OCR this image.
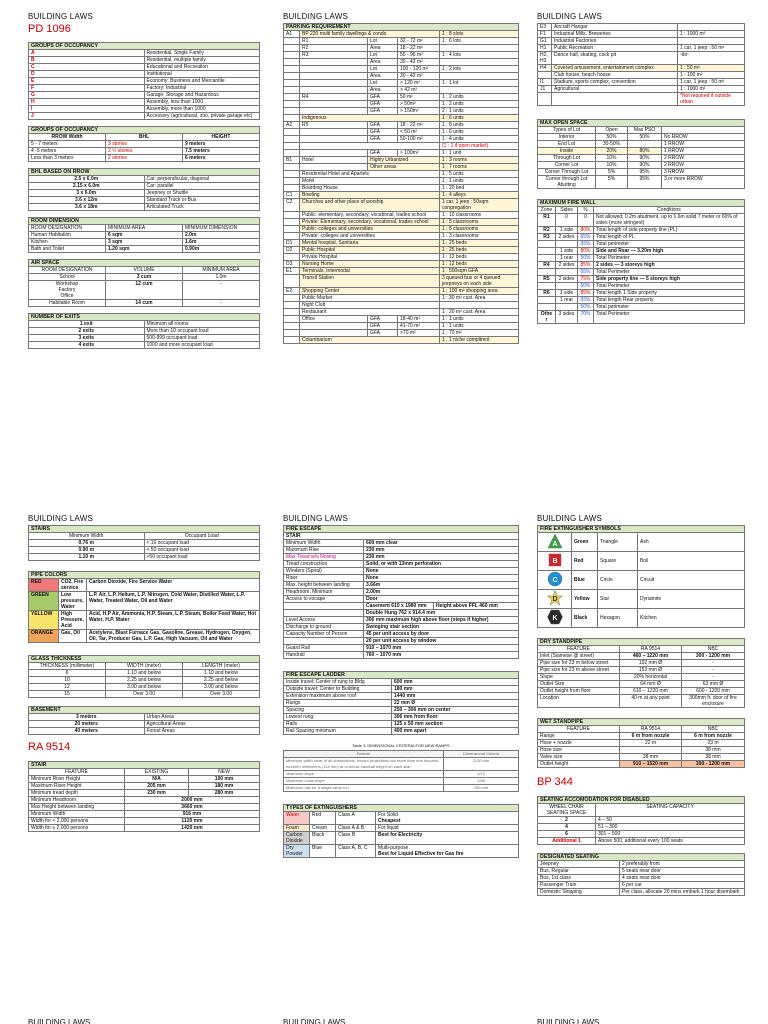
BUILDING LAWS
PD 1096
GROUPS OF OCCUPANCY	
A	Residential, Single Family
B	Residential, multiple family
C	Educational and Recreation
D	Institutional
E	Economy: Business and Mercantile
F	Factory: Industrial
G	Garage: Storage and Hazardous
H	Assembly, less than 1000
I	Assembly, more than 1000
J	Accessory (agricultural, zoo, private garage etc)
GROUPS OF OCCUPANCY		
RROW Width	BHL	HEIGHT
5 - 7 meters	3 stories	9 meters
4 -5 meters	2 ½ stories	7.5 meters
Less than 3 meters	2 stories	6 meters
BHL BASED ON RROW	
2.5 x 6.0m	Car: perpendicular, diagonal
2.15 x 6.0m	Car: parallel
3 x 6.0m	Jeepney or Shuttle
3.6 x 12m	Standard Truck or Bus
3.6 x 18m	Articulated Truck
ROOM DIMENSION		
ROOM DESIGNATION	MINIMUM AREA	MINIMUM DIMENSION
Human Habitation	6 sqm	2.0m
Kitchen	3 sqm	1.6m
Bath and Toilet	1.20 sqm	0.90m
AIR SPACE		
ROOM DESIGNATION	VOLUME	MINIMUM AREA
School	3 cum	1.0m
Workshop
Factory
Office	12 cum	-
Habitable Room	14 cum	-
NUMBER OF EXITS	
1 exit	Minimum all rooms
2 exits	More than 10 occupant load
3 exits	500-999 occupant load
4 exits	1000 and more occupant load
BUILDING LAWS
PARKING REQUIREMENT				
A1	BP 220 multi family dwellings & condo			1 : 8 slots
	R1	Lot	32 - 72 m²	1 : 6 lots
	R2	Area	18 - 22 m²	
	R3	Lot	50 - 96 m²	1 : 4 lots
		Area	30 - 42 m²	
		Lot	100 - 120 m²	1 : 2 lots
		Area	30 - 42 m²	
		Lot	> 120 m²	1 : 1 lot
		Area	> 42 m²	
	R4	GFA	50 m²	1 : 2 units
		GFA	> 50m²	1 : 2 units
		GFA	> 150m²	2 : 1 units
	Indigenous			1 : 6 units
A2	R5	GFA	18 - 22 m²	1 : 8 units
		GFA	< 50 m²	1 : 6 units
		GFA	50-100 m²	1 : 4 units
				(1 : 1 if open market)
		GFA	> 100m²	1 : 1 unit
B1	Hotel	Highly Urbanized		1 : 3 rooms
		Other areas		1 : 7 rooms
	Residential Hotel and Apartels			1 : 5 units
	Motel			1 : 1 units
	Boarding House			1 : 20 bed
C1	Bowling			1 : 4 alleys
C2	Churches and other place of worship			1 car, 1 jeep : 50sqm congregation
	Public: elementary, secondary, vocational, trades school			1 : 10 classrooms
	Private: Elementary, secondary, vocational, trades school			1 : 5 classrooms
	Public: colleges and universities			1 : 5 classrooms
	Private: colleges and universities			1 : 3 classrooms
D1	Mental hospital, Sanitaria			1 : 25 beds
D2	Public Hospital			1 : 25 beds
	Private Hospital			1 : 12 beds
D3	Nursing Home			1 : 12 beds
E1	Terminals, Intermodal			1 : 500sqm GFA
	Transit Station			3 queued bus or 4 queued jeepneys on each side
E2	Shopping Center			1 : 100 m² shopping area
	Public Market			1 : 30 m² cust. Area
	Night Club			
	Restaurant			1 : 20 m² cust. Area
	Office	GFA	18-40 m²	1 : 1 units
		GFA	41-70 m²	1 : 1 units
		GFA	>70 m²	1 : 70 m²
	Columbarium			1 : 1 niche compltmnt
BUILDING LAWS
E3	Aircraft Hangar	
F1	Industrial Mills, Breweries	1 : 1000 m²
G1	Industrial Factories	
H1	Public Recreation	1 car, 1 jeep : 50 m²
H2, H3	Dance hall, skating, cock pit	-do-
H4	Covered amusement, entertainment complex	1 : 50 m²
	Club house, beach house	1 : 100 m²
I1	Stadium, sports complex, convention	1 car, 1 jeep : 50 m²
J1	Agricultural	1 : 1000 m²
		*Not required if outside urban
MAX OPEN SPACE			
Types of Lot	Open	Max PSO	
Interior	50%	50%	No RROW
End Lot	30-50%		1 RROW
Inside	20%	80%	1 RROW
Through Lot	10%	90%	2 RROW
Corner Lot	10%	90%	2 RROW
Corner Through Lot	5%	95%	3 RROW
Corner through Lot Abutting	5%	95%	3 or more RROW
MAXIMUM FIRE WALL			
Zone	Sides	%	Conditions
R1	0	0	Not allowed; 0.2m abutment, up to 1.6m solid 7 meter or 60% of sides (more stringent)
R2	1 side	80%	Total length of side property line (PL)
R3	2 sides	65%	Total length of PL
		65%	Total perimeter
	1 side	80%	Side and Rear — 3.20m high
	1 rear	50%	Total Perimeter
R4	2 sides	85%	2 sides — 3 storeys high
		65%	Total Perimeter
R5	2 sides	75%	Side property line — 5 storeys high
		50%	Total Perimeter
R6	1 side	85%	Total length 1 Side property
	1 rear	65%	Total length Rear property
		50%	Total perimeter
Other	3 sides	70%	Total Perimeter
BUILDING LAWS
STAIRS	
Minimum Width	Occupant Load
0.76 m	< 10 occupant load
0.90 m	< 50 occupant load
1.10 m	>50 occupant load
PIPE COLORS		
RED	CO2, Fire service	Carbon Dioxide, Fire Service Water
GREEN	Low pressure, Water	L.P. Air, L.P. Helium, L.P. Nitrogen, Cold Water, Distilled Water, L.P. Water, Treated Water, Oil and Water
YELLOW	High Pressure, Acid	Acid, H.P Air, Ammonia, H.P. Steam, L.P. Steam, Boiler Feed Water, Hot Water, H.P. Water
ORANGE	Gas, Oil	Acetylene, Blast Furnace Gas, Gasoline, Grease, Hydrogen, Oxygen, Oil, Tar, Producer Gas, L.P. Gas, High Vacuum, Oil and Water
GLASS THICKNESS		
THICKNESS (millimeter)	WIDTH (meter)	LENGTH (meter)
6	1.10 and below	1.10 and below
10	2.25 and below	2.25 and below
12	3.00 and below	3.00 and below
15	Over 3.00	Over 3.00
BASEMENT	
3 meters	Urban Areas
20 meters	Agricultural Areas
40 meters	Forest Areas
RA 9514
STAIR		
FEATURE	EXISTING	NEW
Minimum Riser Height	N/A	100 mm
Maximum Riser Height	205 mm	180 mm
Minimum tread depth	230 mm	280 mm
Minimum Headroom	2000 mm	
Max Height between landing	3660 mm	
Minimum Width	916 mm	
Width for < 2,000 persons	1120 mm	
Width for ≥ 2,000 persons	1420 mm	
BUILDING LAWS
FIRE ESCAPE		
STAIR		
Minimum Width	600 mm clear	
Maximum Rise	230 mm	
Max Tread w/o Nosing	230 mm	
Tread construction	Solid, or with 13mm perforation	
Winders (Spiral)	None	
Riser	None	
Max. height between landing	3.66m	
Headroom, Minimum	2.00m	
Access to escape	Door	
	Casement 610 x 1980 mm	Height above FFL 460 mm
	Double Hung 762 x 914.4 mm	
Level Access	306 mm maximum high above floor (steps if higher)	
Discharge to ground	Swinging stair section	
Capacity Number of Person	45 per unit access by door	
	20 per unit access by window	
Guard Rail	910 – 1070 mm	
Handrail	760 – 1070 mm	
FIRE ESCAPE LADDER	
Inside travel: Center of rung to Bldg	600 mm
Outside travel: Center to Building	180 mm
Extension maximum above roof	1440 mm
Rungs	22 mm Ø
Spacing	250 – 306 mm on center
Lowest rung	306 mm from floor
Rails	125 x 50 mm section
Rail Spacing minimum	400 mm apart
Table 3. DIMENSIONAL CRITERIA FOR NEW RAMPS
Feature	Dimensional Criteria
Minimum width clear of all obstructions, except projections not more than one hundred fourteen millimeters (114 mm) at or below handrail height on each side	1120 mm
Maximum slope	1/12
Maximum cross slope	1/48
Maximum rise for a single ramp run	760 mm
TYPES OF EXTINGUISHERS			
Water	Red	Class A	For Solid
Cheapest

Foam	Cream	Class A & B	For liquid
Carbon Dioxide	Black	Class B	Best for Electricity
Dry Powder	Blue	Class A, B, C	Multi-purpose
Best for Liquid Effective for Gas fire
BUILDING LAWS
FIRE EXTINGUISHER SYMBOLS			

A	Green	Triangle	Ash

B	Red	Square	Boil

C	Blue	Circle	Circuit

D	Yellow	Star	Dynamite

K	Black	Hexagon	Kitchen
DRY STANDPIPE		
FEATURE	RA 9514	NBC
Inlet (Siamese @ street)	460 – 1220 mm	300 - 1200 mm
Pipe size for 23 m below street	102 mm Ø	-
Pipe size for 23 m above street	153 mm Ø	-
Slope	20% horizontal	-
Outlet Size	64 mm Ø	63 mm Ø
Outlet height from floor	610 – 1220 mm	600 - 1200 mm
Location	40 m at any point	300mm fr. door of fire enclosure
WET STANDPIPE		
FEATURE	RA 9514	NBC
Range	6 m from nozzle	6 m from nozzle
Hose + nozzle	22 m	23 m
Hose size		38 mm
Valve size	38 mm	38 mm
Outlet height	910 – 1520 mm	300 - 1200 mm
BP 344
SEATING ACCOMODATION FOR DISABLED	
WHEEL CHAIR SEATING SPACE	SEATING CAPACITY
2	4 – 50
4	51 – 300
6	301 – 500
Additional 1	Above 500, additional every 100 seats
DESIGNATED SEATING	
Jeepney	2 preferably front
Bus, Regular	5 seats near door
Bus, 1st class	4 seats near door
Passenger Train	6 per car
Domestic Shipping	Per class, allocate 20 mins embark 1 hour disembark
BUILDING LAWS	BUILDING LAWS	BUILDING LAWS
